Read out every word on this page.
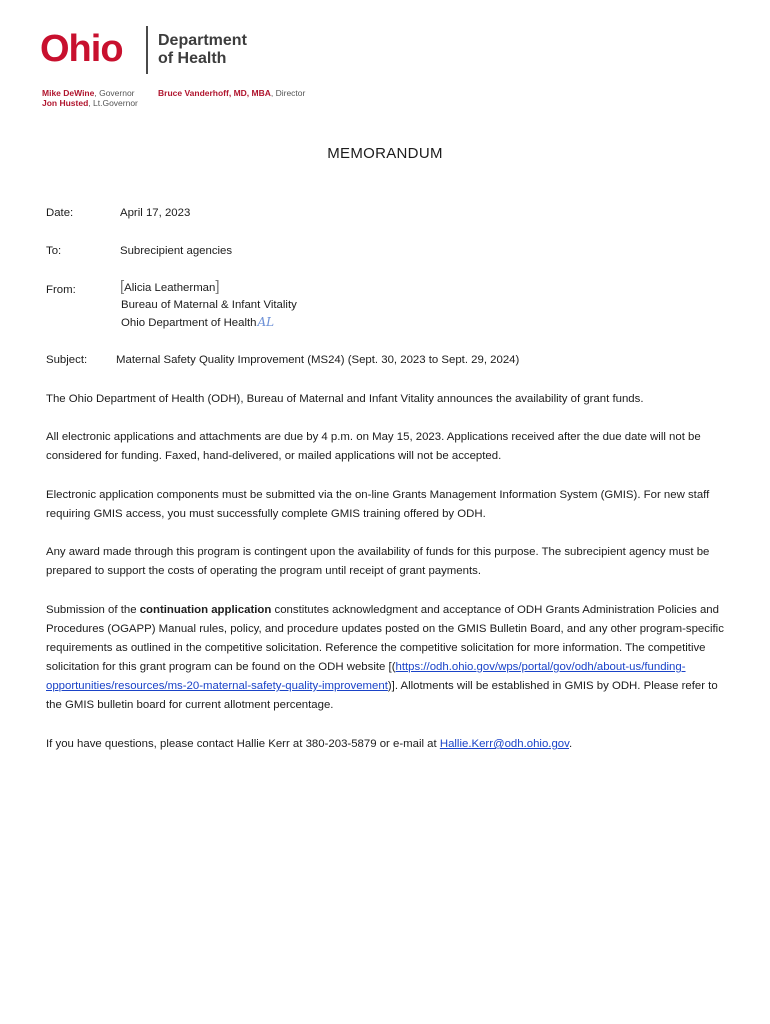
Ohio Department
of Health
Mike DeWine, Governor
Jon Husted, Lt.Governor
Bruce Vanderhoff, MD, MBA, Director
MEMORANDUM
Date:	April 17, 2023
To:	Subrecipient agencies
From:	[Alicia Leatherman]
Bureau of Maternal & Infant Vitality
Ohio Department of HealthAL
Subject:	Maternal Safety Quality Improvement (MS24) (Sept. 30, 2023 to Sept. 29, 2024)
The Ohio Department of Health (ODH), Bureau of Maternal and Infant Vitality announces the availability of grant funds.
All electronic applications and attachments are due by 4 p.m. on May 15, 2023. Applications received after the due date will not be considered for funding. Faxed, hand-delivered, or mailed applications will not be accepted.
Electronic application components must be submitted via the on-line Grants Management Information System (GMIS). For new staff requiring GMIS access, you must successfully complete GMIS training offered by ODH.
Any award made through this program is contingent upon the availability of funds for this purpose. The subrecipient agency must be prepared to support the costs of operating the program until receipt of grant payments.
Submission of the continuation application constitutes acknowledgment and acceptance of ODH Grants Administration Policies and Procedures (OGAPP) Manual rules, policy, and procedure updates posted on the GMIS Bulletin Board, and any other program-specific requirements as outlined in the competitive solicitation. Reference the competitive solicitation for more information. The competitive solicitation for this grant program can be found on the ODH website [(https://odh.ohio.gov/wps/portal/gov/odh/about-us/funding-opportunities/resources/ms-20-maternal-safety-quality-improvement)]. Allotments will be established in GMIS by ODH. Please refer to the GMIS bulletin board for current allotment percentage.
If you have questions, please contact Hallie Kerr at 380-203-5879 or e-mail at Hallie.Kerr@odh.ohio.gov.
